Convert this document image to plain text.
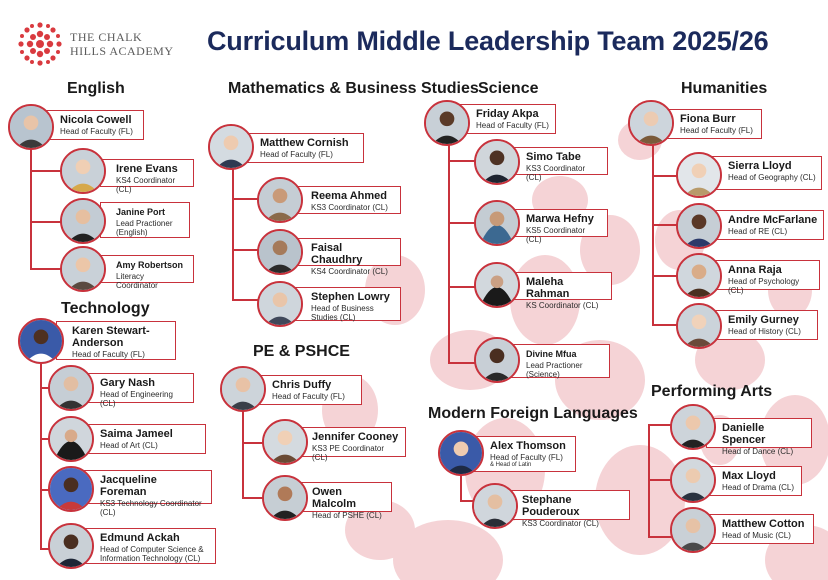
THE CHALK
HILLS ACADEMY Curriculum Middle Leadership Team 2025/26
English
Nicola Cowell
Head of Faculty (FL)
Irene Evans
KS4 Coordinator (CL)
Janine Port
Lead Practioner (English)
Amy Robertson
Literacy Coordinator
Mathematics & Business Studies
Matthew Cornish
Head of Faculty (FL)
Reema Ahmed
KS3 Coordinator (CL)
Faisal Chaudhry
KS4 Coordinator (CL)
Stephen Lowry
Head of Business Studies (CL)
Science
Friday Akpa
Head of Faculty (FL)
Simo Tabe
KS3 Coordinator (CL)
Marwa Hefny
KS5 Coordinator (CL)
Maleha Rahman
KS Coordinator (CL)
Divine Mfua
Lead Practioner (Science)
Humanities
Fiona Burr
Head of Faculty (FL)
Sierra Lloyd
Head of Geography (CL)
Andre McFarlane
Head of RE (CL)
Anna Raja
Head of Psychology (CL)
Emily Gurney
Head of History (CL)
Technology
Karen Stewart-Anderson
Head of Faculty (FL)
Gary Nash
Head of Engineering (CL)
Saima Jameel
Head of Art (CL)
Jacqueline Foreman
KS3 Technology Coordinator (CL)
Edmund Ackah
Head of Computer Science & Information Technology (CL)
PE & PSHCE
Chris Duffy
Head of Faculty (FL)
Jennifer Cooney
KS3 PE Coordinator (CL)
Owen Malcolm
Head of PSHE (CL)
Modern Foreign Languages
Alex Thomson
Head of Faculty (FL)
& Head of Latin
Stephane Pouderoux
KS3 Coordinator (CL)
Performing Arts
Danielle Spencer
Head of Dance (CL)
Max Lloyd
Head of Drama (CL)
Matthew Cotton
Head of Music (CL)
